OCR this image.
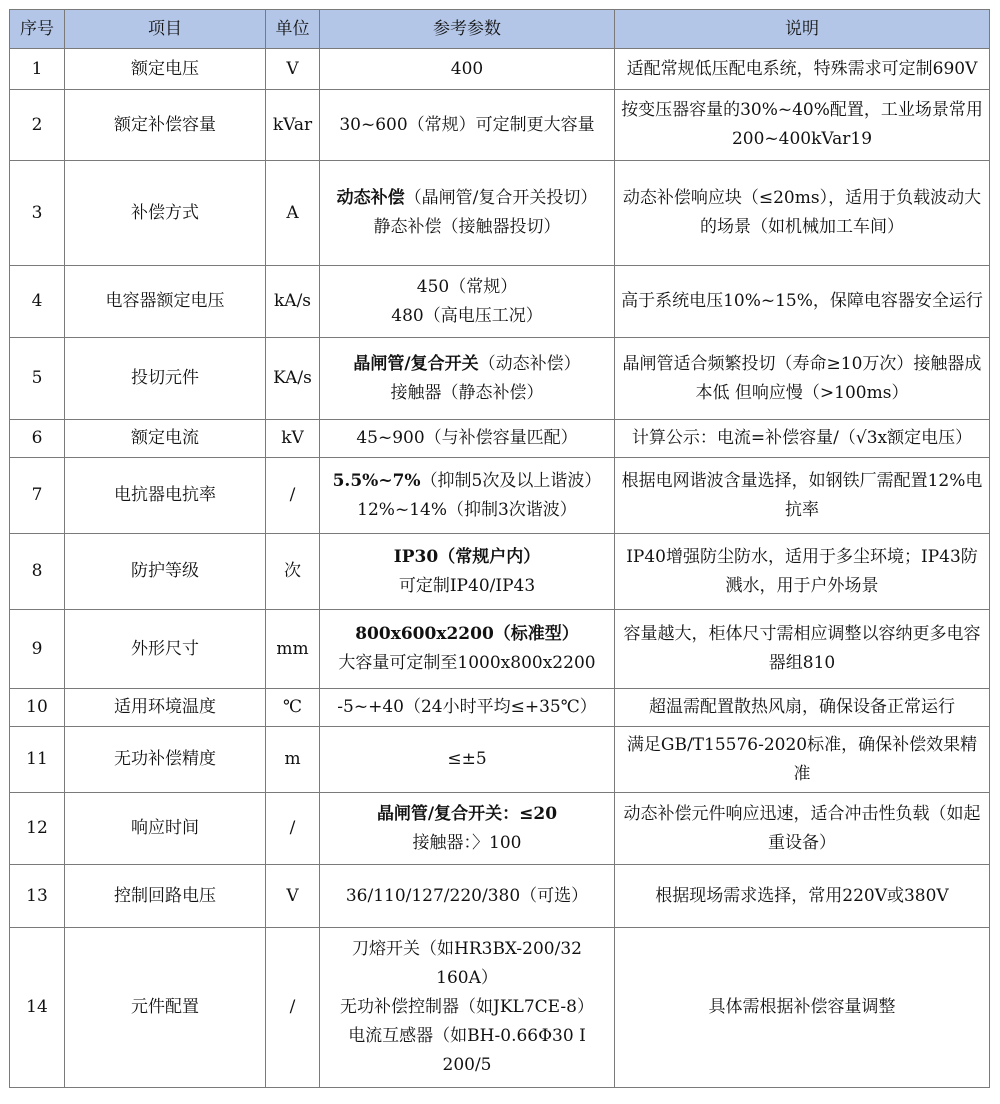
序号	项目	单位	参考参数	说明
1	额定电压	V	400	适配常规低压配电系统，特殊需求可定制690V

2	额定补偿容量	kVar	30~600（常规）可定制更大容量	按变压器容量的30%~40%配置，工业场景常用200~400kVar19

3	补偿方式	A	动态补偿（晶闸管/复合开关投切）
静态补偿（接触器投切）	动态补偿响应块（≤20ms），适用于负载波动大的场景（如机械加工车间）

4	电容器额定电压	kA/s	450（常规）
480（高电压工况）	高于系统电压10%~15%，保障电容器安全运行

5	投切元件	KA/s	晶闸管/复合开关（动态补偿）
接触器（静态补偿）	晶闸管适合频繁投切（寿命≥10万次）接触器成本低 但响应慢（>100ms）

6	额定电流	kV	45~900（与补偿容量匹配）	计算公示：电流=补偿容量/（√3x额定电压）

7	电抗器电抗率	/	5.5%~7%（抑制5次及以上谐波）
12%~14%（抑制3次谐波）	根据电网谐波含量选择，如钢铁厂需配置12%电抗率

8	防护等级	次	IP30（常规户内）
可定制IP40/IP43	IP40增强防尘防水，适用于多尘环境；IP43防溅水，用于户外场景

9	外形尺寸	mm	800x600x2200（标准型）
大容量可定制至1000x800x2200	容量越大，柜体尺寸需相应调整以容纳更多电容器组810

10	适用环境温度	℃	-5~+40（24小时平均≤+35℃）	超温需配置散热风扇，确保设备正常运行

11	无功补偿精度	m	≤±5	满足GB/T15576-2020标准，确保补偿效果精准

12	响应时间	/	晶闸管/复合开关：≤20
接触器：〉100	动态补偿元件响应迅速，适合冲击性负载（如起重设备）

13	控制回路电压	V	36/110/127/220/380（可选）	根据现场需求选择，常用220V或380V

14	元件配置	/	刀熔开关（如HR3BX-200/32
160A）
无功补偿控制器（如JKL7CE-8）
电流互感器（如BH-0.66Φ30 I
200/5	具体需根据补偿容量调整
